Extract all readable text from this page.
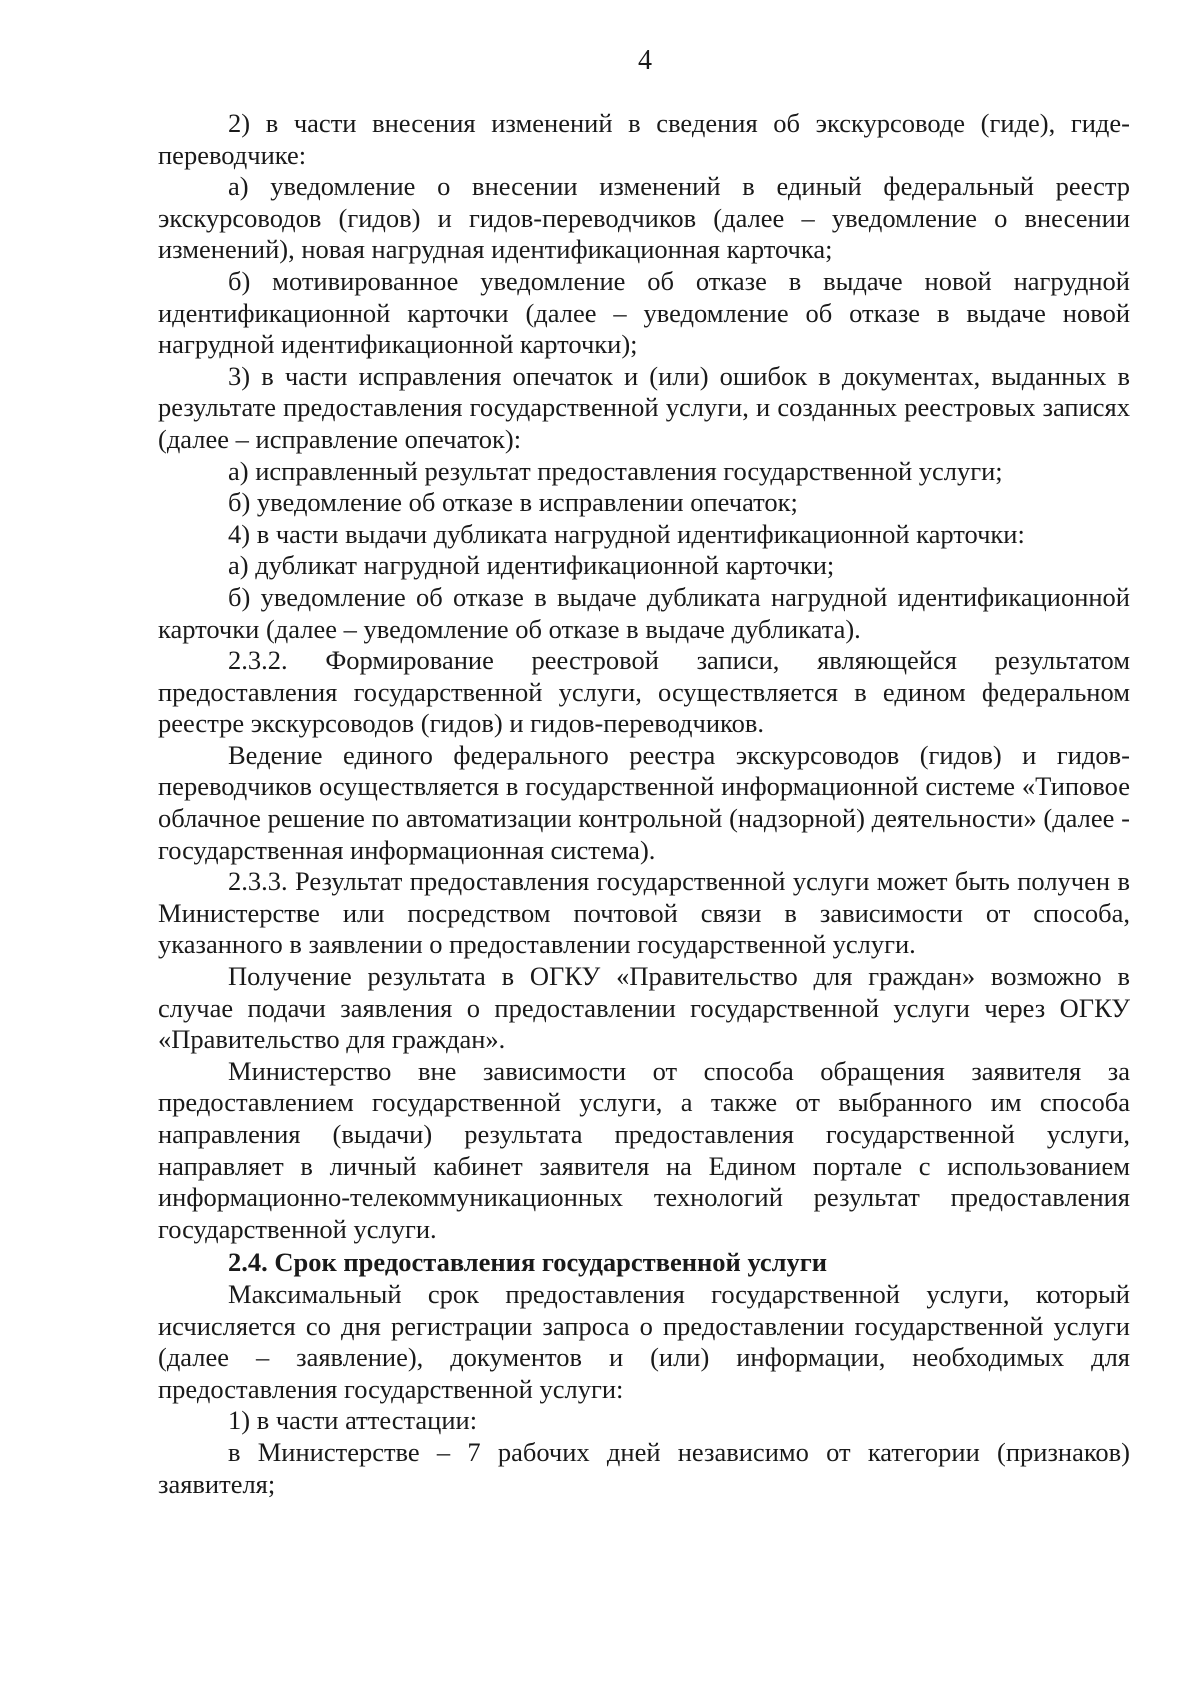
4

2) в части внесения изменений в сведения об экскурсоводе (гиде), гиде-переводчике:

а) уведомление о внесении изменений в единый федеральный реестр экскурсоводов (гидов) и гидов-переводчиков (далее – уведомление о внесении изменений), новая нагрудная идентификационная карточка;

б) мотивированное уведомление об отказе в выдаче новой нагрудной идентификационной карточки (далее – уведомление об отказе в выдаче новой нагрудной идентификационной карточки);

3) в части исправления опечаток и (или) ошибок в документах, выданных в результате предоставления государственной услуги, и созданных реестровых записях (далее – исправление опечаток):

а) исправленный результат предоставления государственной услуги;

б) уведомление об отказе в исправлении опечаток;

4) в части выдачи дубликата нагрудной идентификационной карточки:

а) дубликат нагрудной идентификационной карточки;

б) уведомление об отказе в выдаче дубликата нагрудной идентификационной карточки (далее – уведомление об отказе в выдаче дубликата).

2.3.2. Формирование реестровой записи, являющейся результатом предоставления государственной услуги, осуществляется в едином федеральном реестре экскурсоводов (гидов) и гидов-переводчиков.

Ведение единого федерального реестра экскурсоводов (гидов) и гидов-переводчиков осуществляется в государственной информационной системе «Типовое облачное решение по автоматизации контрольной (надзорной) деятельности» (далее - государственная информационная система).

2.3.3. Результат предоставления государственной услуги может быть получен в Министерстве или посредством почтовой связи в зависимости от способа, указанного в заявлении о предоставлении государственной услуги.

Получение результата в ОГКУ «Правительство для граждан» возможно в случае подачи заявления о предоставлении государственной услуги через ОГКУ «Правительство для граждан».

Министерство вне зависимости от способа обращения заявителя за предоставлением государственной услуги, а также от выбранного им способа направления (выдачи) результата предоставления государственной услуги, направляет в личный кабинет заявителя на Едином портале с использованием информационно-телекоммуникационных технологий результат предоставления государственной услуги.

2.4. Срок предоставления государственной услуги

Максимальный срок предоставления государственной услуги, который исчисляется со дня регистрации запроса о предоставлении государственной услуги (далее – заявление), документов и (или) информации, необходимых для предоставления государственной услуги:

1) в части аттестации:

в Министерстве – 7 рабочих дней независимо от категории (признаков) заявителя;
